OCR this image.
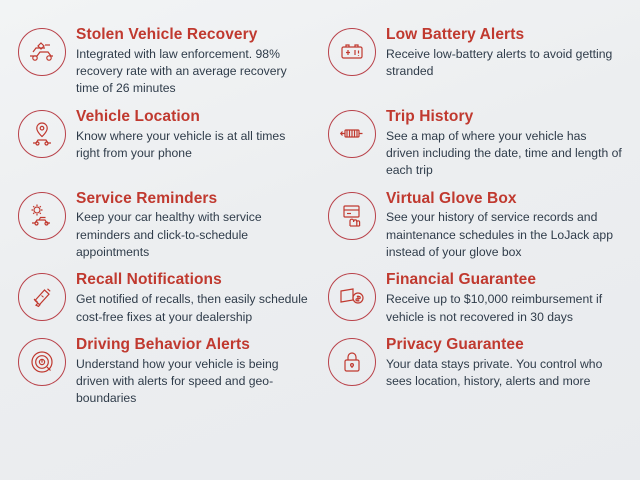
Stolen Vehicle Recovery

Integrated with law enforcement. 98% recovery rate with an average recovery time of 26 minutes

Low Battery Alerts

Receive low-battery alerts to avoid getting stranded

Vehicle Location

Know where your vehicle is at all times right from your phone

Trip History

See a map of where your vehicle has driven including the date, time and length of each trip

Service Reminders

Keep your car healthy with service reminders and click-to-schedule appointments

Virtual Glove Box

See your history of service records and maintenance schedules in the LoJack app instead of your glove box

Recall Notifications

Get notified of recalls, then easily schedule cost-free fixes at your dealership

Financial Guarantee

Receive up to $10,000 reimbursement if vehicle is not recovered in 30 days

Driving Behavior Alerts

Understand how your vehicle is being driven with alerts for speed and geo-boundaries

Privacy Guarantee

Your data stays private. You control who sees location, history, alerts and more
